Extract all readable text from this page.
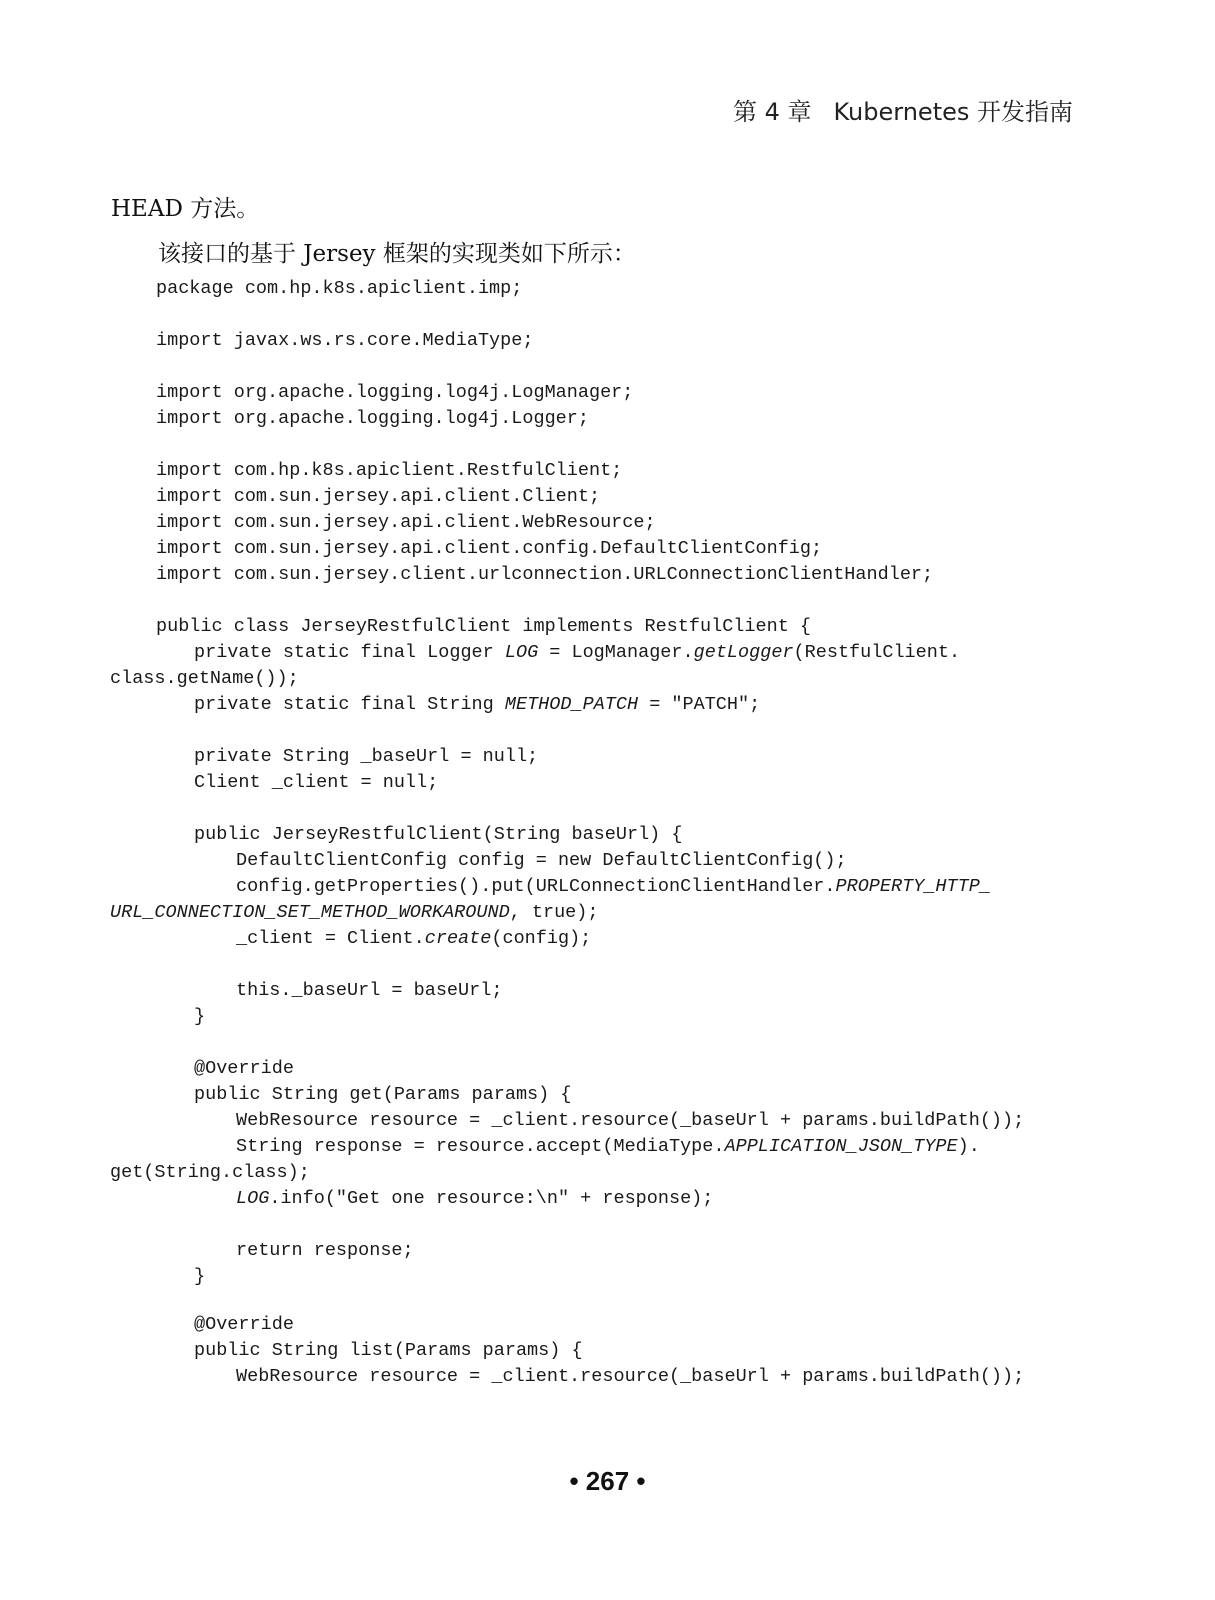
第 4 章 Kubernetes 开发指南
HEAD 方法。
该接口的基于 Jersey 框架的实现类如下所示：
package com.hp.k8s.apiclient.imp;
import javax.ws.rs.core.MediaType;
import org.apache.logging.log4j.LogManager;
import org.apache.logging.log4j.Logger;
import com.hp.k8s.apiclient.RestfulClient;
import com.sun.jersey.api.client.Client;
import com.sun.jersey.api.client.WebResource;
import com.sun.jersey.api.client.config.DefaultClientConfig;
import com.sun.jersey.client.urlconnection.URLConnectionClientHandler;
public class JerseyRestfulClient implements RestfulClient {
private static final Logger LOG = LogManager.getLogger(RestfulClient.
class.getName());
private static final String METHOD_PATCH = "PATCH";
private String _baseUrl = null;
Client _client = null;
public JerseyRestfulClient(String baseUrl) {
DefaultClientConfig config = new DefaultClientConfig();
config.getProperties().put(URLConnectionClientHandler.PROPERTY_HTTP_
URL_CONNECTION_SET_METHOD_WORKAROUND, true);
_client = Client.create(config);
this._baseUrl = baseUrl;
}
@Override
public String get(Params params) {
WebResource resource = _client.resource(_baseUrl + params.buildPath());
String response = resource.accept(MediaType.APPLICATION_JSON_TYPE).
get(String.class);
LOG.info("Get one resource:\n" + response);
return response;
}
@Override
public String list(Params params) {
WebResource resource = _client.resource(_baseUrl + params.buildPath());
• 267 •
